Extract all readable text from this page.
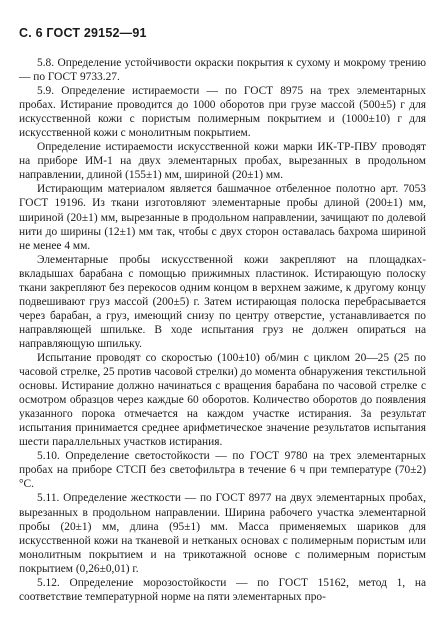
С. 6 ГОСТ 29152—91

5.8. Определение устойчивости окраски покрытия к сухому и мокрому трению — по ГОСТ 9733.27.

5.9. Определение истираемости — по ГОСТ 8975 на трех элементарных пробах. Истирание проводится до 1000 оборотов при грузе массой (500±5) г для искусственной кожи с пористым полимерным покрытием и (1000±10) г для искусственной кожи с монолитным покрытием.

Определение истираемости искусственной кожи марки ИК-ТР-ПВУ проводят на приборе ИМ-1 на двух элементарных пробах, вырезанных в продольном направлении, длиной (155±1) мм, шириной (20±1) мм.

Истирающим материалом является башмачное отбеленное полотно арт. 7053 ГОСТ 19196. Из ткани изготовляют элементарные пробы длиной (200±1) мм, шириной (20±1) мм, вырезанные в продольном направлении, зачищают по долевой нити до ширины (12±1) мм так, чтобы с двух сторон оставалась бахрома шириной не менее 4 мм.

Элементарные пробы искусственной кожи закрепляют на площадках-вкладышах барабана с помощью прижимных пластинок. Истирающую полоску ткани закрепляют без перекосов одним концом в верхнем зажиме, к другому концу подвешивают груз массой (200±5) г. Затем истирающая полоска перебрасывается через барабан, а груз, имеющий снизу по центру отверстие, устанавливается по направляющей шпильке. В ходе испытания груз не должен опираться на направляющую шпильку.

Испытание проводят со скоростью (100±10) об/мин с циклом 20—25 (25 по часовой стрелке, 25 против часовой стрелки) до момента обнаружения текстильной основы. Истирание должно начинаться с вращения барабана по часовой стрелке с осмотром образцов через каждые 60 оборотов. Количество оборотов до появления указанного порока отмечается на каждом участке истирания. За результат испытания принимается среднее арифметическое значение результатов испытания шести параллельных участков истирания.

5.10. Определение светостойкости — по ГОСТ 9780 на трех элементарных пробах на приборе СТСП без светофильтра в течение 6 ч при температуре (70±2)°С.

5.11. Определение жесткости — по ГОСТ 8977 на двух элементарных пробах, вырезанных в продольном направлении. Ширина рабочего участка элементарной пробы (20±1) мм, длина (95±1) мм. Масса применяемых шариков для искусственной кожи на тканевой и нетканых основах с полимерным пористым или монолитным покрытием и на трикотажной основе с полимерным пористым покрытием (0,26±0,01) г.

5.12. Определение морозостойкости — по ГОСТ 15162, метод 1, на соответствие температурной норме на пяти элементарных про-
